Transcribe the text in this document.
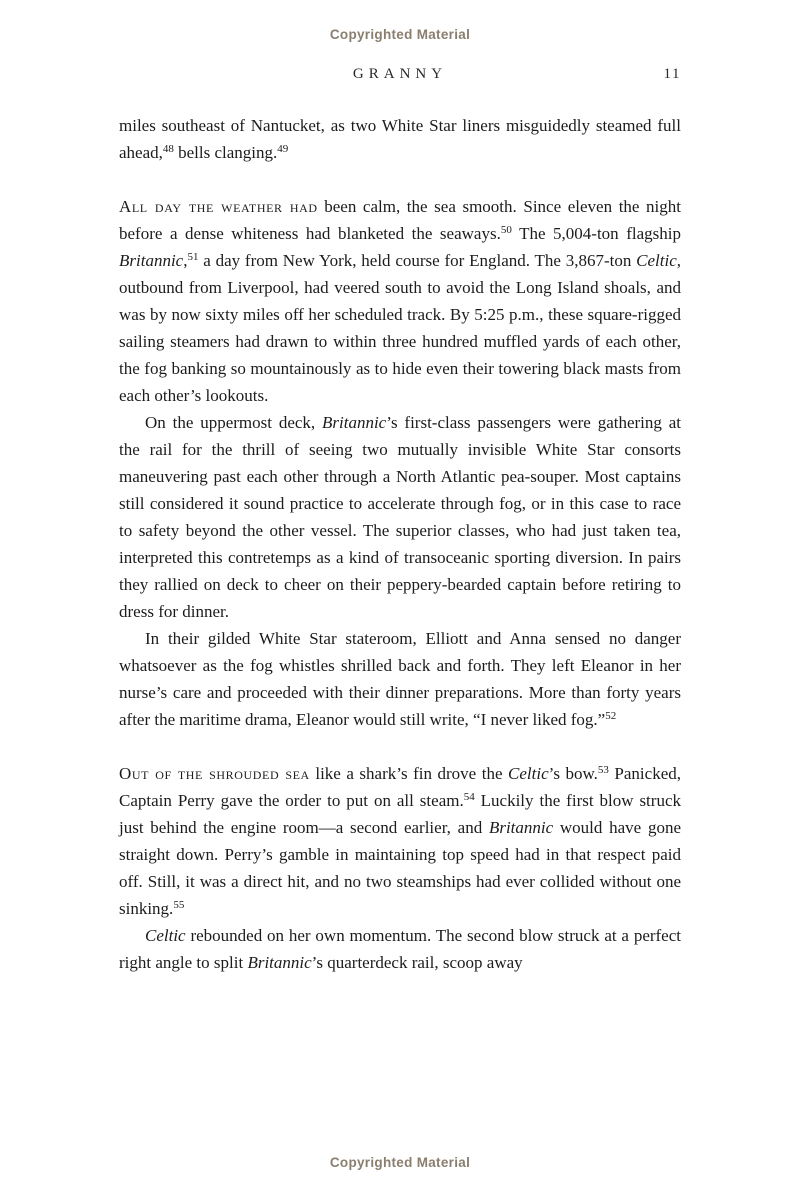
Copyrighted Material
GRANNY	11

miles southeast of Nantucket, as two White Star liners misguidedly steamed full ahead,$^{48}$ bells clanging.$^{49}$

All day the weather had been calm, the sea smooth. Since eleven the night before a dense whiteness had blanketed the seaways.$^{50}$ The 5,004-ton flagship Britannic,$^{51}$ a day from New York, held course for England. The 3,867-ton Celtic, outbound from Liverpool, had veered south to avoid the Long Island shoals, and was by now sixty miles off her scheduled track. By 5:25 p.m., these square-rigged sailing steamers had drawn to within three hundred muffled yards of each other, the fog banking so mountainously as to hide even their towering black masts from each other’s lookouts.

On the uppermost deck, Britannic’s first-class passengers were gathering at the rail for the thrill of seeing two mutually invisible White Star consorts maneuvering past each other through a North Atlantic pea-souper. Most captains still considered it sound practice to accelerate through fog, or in this case to race to safety beyond the other vessel. The superior classes, who had just taken tea, interpreted this contretemps as a kind of transoceanic sporting diversion. In pairs they rallied on deck to cheer on their peppery-bearded captain before retiring to dress for dinner.

In their gilded White Star stateroom, Elliott and Anna sensed no danger whatsoever as the fog whistles shrilled back and forth. They left Eleanor in her nurse’s care and proceeded with their dinner preparations. More than forty years after the maritime drama, Eleanor would still write, “I never liked fog.”$^{52}$

Out of the shrouded sea like a shark’s fin drove the Celtic’s bow.$^{53}$ Panicked, Captain Perry gave the order to put on all steam.$^{54}$ Luckily the first blow struck just behind the engine room—a second earlier, and Britannic would have gone straight down. Perry’s gamble in maintaining top speed had in that respect paid off. Still, it was a direct hit, and no two steamships had ever collided without one sinking.$^{55}$

Celtic rebounded on her own momentum. The second blow struck at a perfect right angle to split Britannic’s quarterdeck rail, scoop away

Copyrighted Material
